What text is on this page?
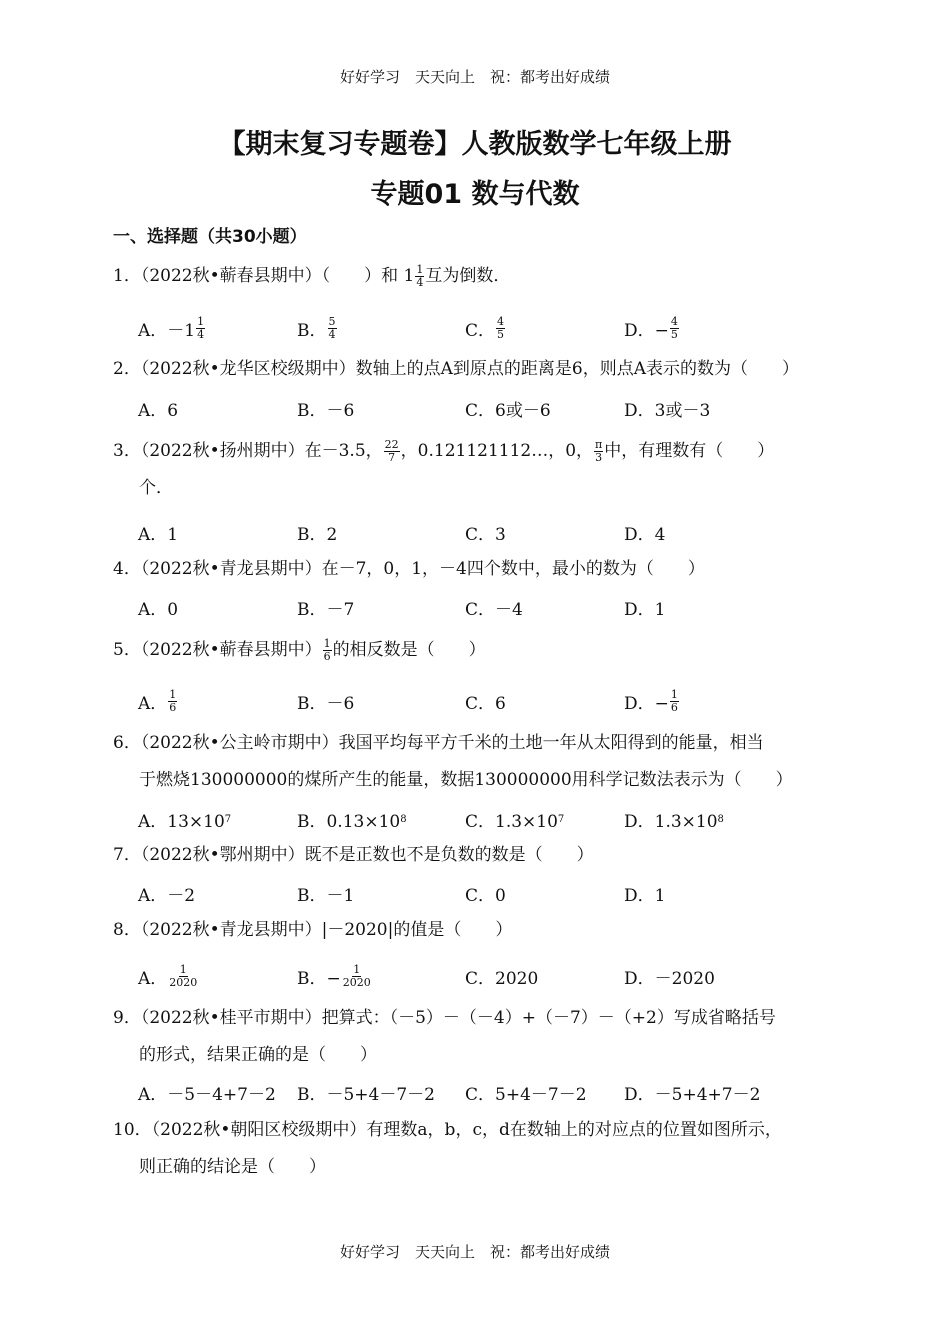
好好学习　天天向上　祝：都考出好成绩
【期末复习专题卷】人教版数学七年级上册
专题01 数与代数
一、选择题（共30小题）
1．（2022秋•蕲春县期中）（　　）和 $1 \frac{1}{4}$ 互为倒数．
A．$-1 \frac{1}{4}$	B． $\frac{5}{4}$	C． $\frac{4}{5}$	D．− $\frac{4}{5}$
2．（2022秋•龙华区校级期中）数轴上的点A到原点的距离是6，则点A表示的数为（　　）
A．6	B．－6	C．6或－6	D．3或－3
3．（2022秋•扬州期中）在－3.5， $\frac{22}{7}$ ，0.121121112…，0， $\frac{\pi}{3}$ 中，有理数有（　　）
个．
A．1	B．2	C．3	D．4
4．（2022秋•青龙县期中）在－7，0，1，－4四个数中，最小的数为（　　）
A．0	B．－7	C．－4	D．1
5．（2022秋•蕲春县期中） $\frac{1}{6}$ 的相反数是（　　）
A． $\frac{1}{6}$	B．－6	C．6	D．− $\frac{1}{6}$
6．（2022秋•公主岭市期中）我国平均每平方千米的土地一年从太阳得到的能量，相当
于燃烧130000000的煤所产生的能量，数据130000000用科学记数法表示为（　　）
A．13×10 7	B．0.13×10 8	C．1.3×10 7	D．1.3×10 8
7．（2022秋•鄂州期中）既不是正数也不是负数的数是（　　）
A．－2	B．－1	C．0	D．1
8．（2022秋•青龙县期中）|－2020|的值是（　　）
A． $\frac{1}{2020}$	B．− $\frac{1}{2020}$	C．2020	D．－2020
9．（2022秋•桂平市期中）把算式：（－5）－（－4）+（－7）－（+2）写成省略括号
的形式，结果正确的是（　　）
A．－5－4+7－2 B．－5+4－7－2 C．5+4－7－2 D．－5+4+7－2
10．（2022秋•朝阳区校级期中）有理数a，b，c，d在数轴上的对应点的位置如图所示，
则正确的结论是（　　）
好好学习　天天向上　祝：都考出好成绩
